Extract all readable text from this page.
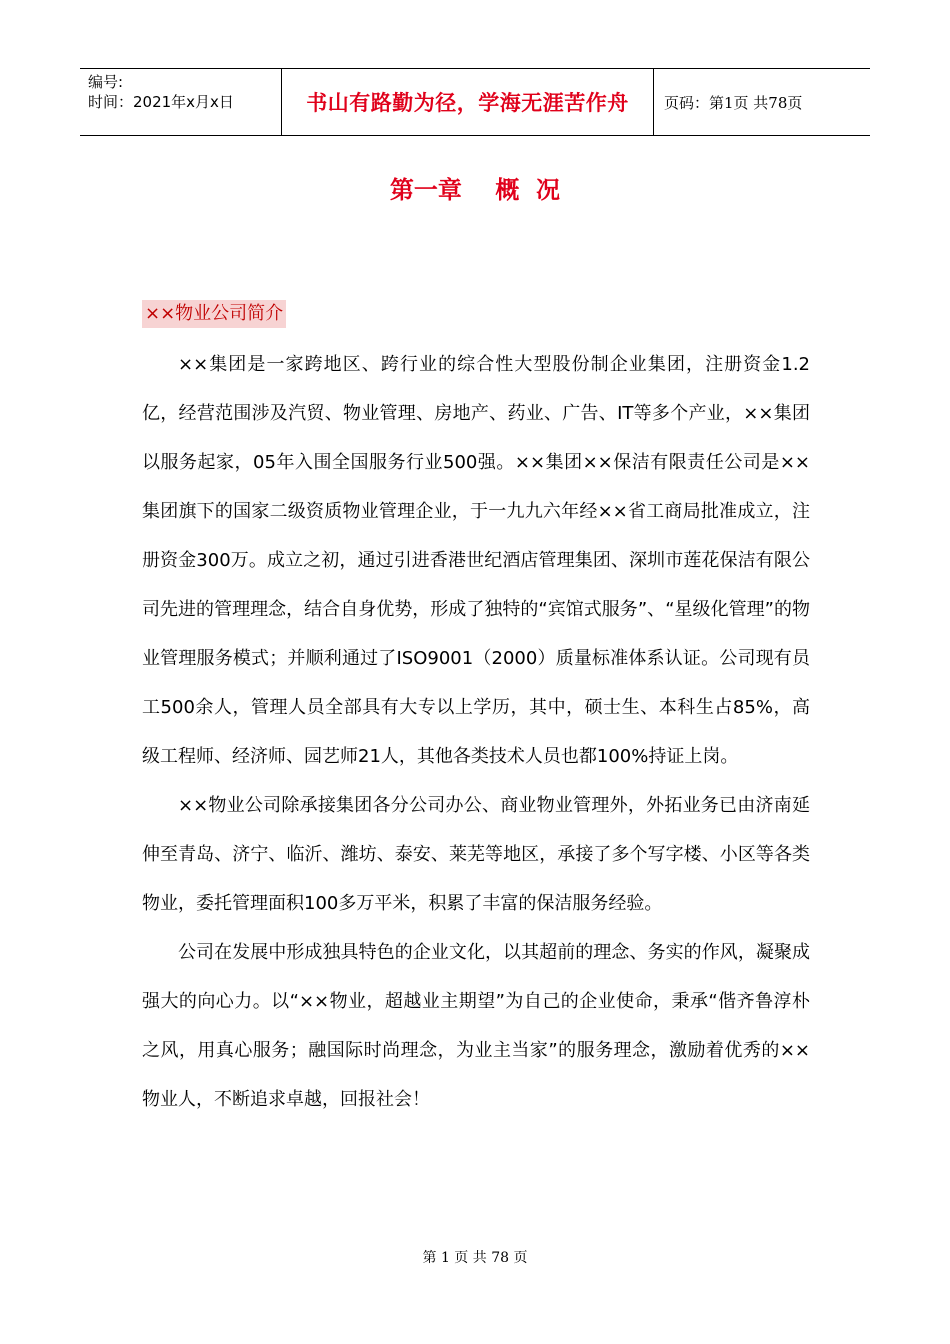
编号:
时间：2021年x月x日	书山有路勤为径，学海无涯苦作舟	页码：第1页 共78页
第一章    概  况
××物业公司简介

××集团是一家跨地区、跨行业的综合性大型股份制企业集团，注册资金1.2亿，经营范围涉及汽贸、物业管理、房地产、药业、广告、IT等多个产业，××集团以服务起家，05年入围全国服务行业500强。××集团××保洁有限责任公司是××集团旗下的国家二级资质物业管理企业，于一九九六年经××省工商局批准成立，注册资金300万。成立之初，通过引进香港世纪酒店管理集团、深圳市莲花保洁有限公司先进的管理理念，结合自身优势，形成了独特的“宾馆式服务”、“星级化管理”的物业管理服务模式；并顺利通过了ISO9001（2000）质量标准体系认证。公司现有员工500余人，管理人员全部具有大专以上学历，其中，硕士生、本科生占85%，高级工程师、经济师、园艺师21人，其他各类技术人员也都100%持证上岗。

××物业公司除承接集团各分公司办公、商业物业管理外，外拓业务已由济南延伸至青岛、济宁、临沂、潍坊、泰安、莱芜等地区，承接了多个写字楼、小区等各类物业，委托管理面积100多万平米，积累了丰富的保洁服务经验。

公司在发展中形成独具特色的企业文化，以其超前的理念、务实的作风，凝聚成强大的向心力。以“××物业，超越业主期望”为自己的企业使命，秉承“偕齐鲁淳朴之风，用真心服务；融国际时尚理念，为业主当家”的服务理念，激励着优秀的××物业人，不断追求卓越，回报社会！

第 1 页 共 78 页
